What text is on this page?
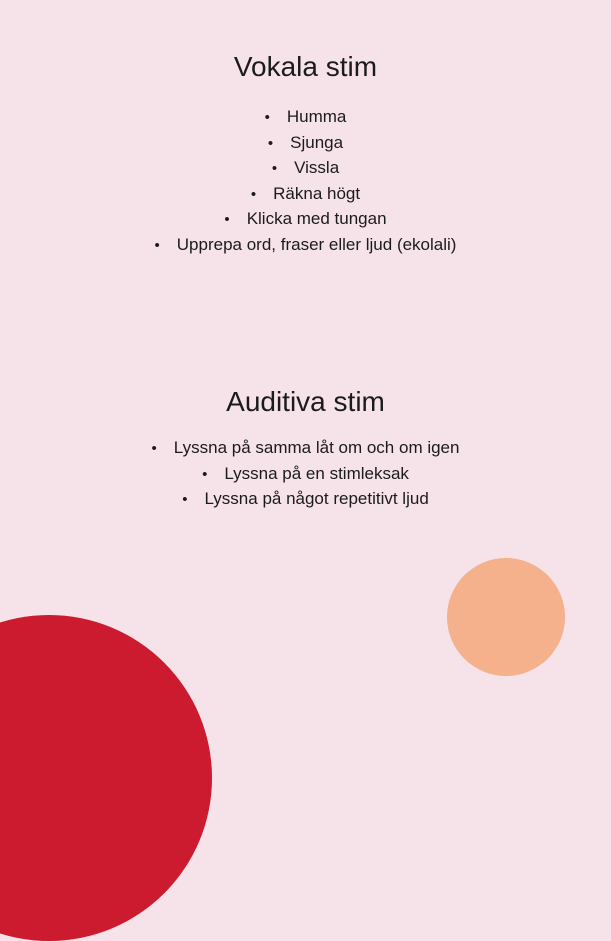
Vokala stim
• Humma
• Sjunga
• Vissla
• Räkna högt
• Klicka med tungan
• Upprepa ord, fraser eller ljud (ekolali)
Auditiva stim
• Lyssna på samma låt om och om igen
• Lyssna på en stimleksak
• Lyssna på något repetitivt ljud
